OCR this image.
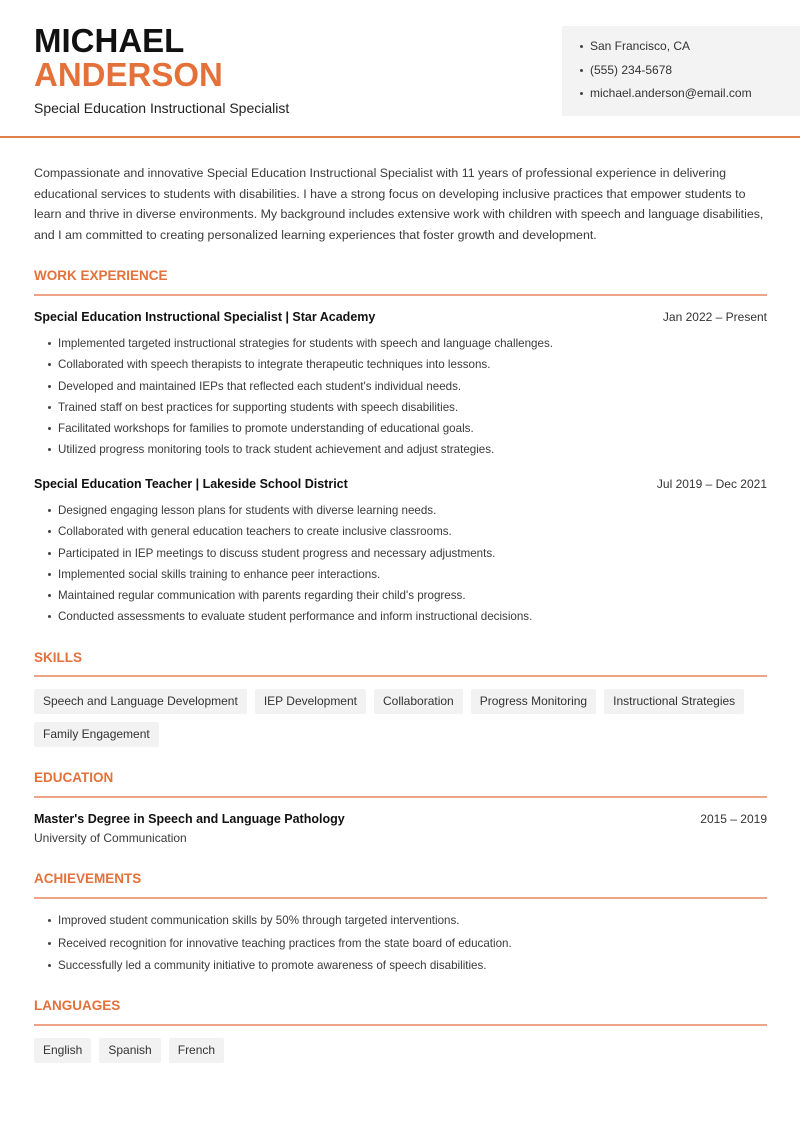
MICHAEL
ANDERSON
Special Education Instructional Specialist
San Francisco, CA
(555) 234-5678
michael.anderson@email.com

Compassionate and innovative Special Education Instructional Specialist with 11 years of professional experience in delivering educational services to students with disabilities. I have a strong focus on developing inclusive practices that empower students to learn and thrive in diverse environments. My background includes extensive work with children with speech and language disabilities, and I am committed to creating personalized learning experiences that foster growth and development.

WORK EXPERIENCE
Special Education Instructional Specialist | Star Academy	Jan 2022 – Present
Implemented targeted instructional strategies for students with speech and language challenges.
Collaborated with speech therapists to integrate therapeutic techniques into lessons.
Developed and maintained IEPs that reflected each student's individual needs.
Trained staff on best practices for supporting students with speech disabilities.
Facilitated workshops for families to promote understanding of educational goals.
Utilized progress monitoring tools to track student achievement and adjust strategies.
Special Education Teacher | Lakeside School District	Jul 2019 – Dec 2021
Designed engaging lesson plans for students with diverse learning needs.
Collaborated with general education teachers to create inclusive classrooms.
Participated in IEP meetings to discuss student progress and necessary adjustments.
Implemented social skills training to enhance peer interactions.
Maintained regular communication with parents regarding their child's progress.
Conducted assessments to evaluate student performance and inform instructional decisions.
SKILLS
Speech and Language Development	IEP Development	Collaboration	Progress Monitoring	Instructional Strategies
Family Engagement
EDUCATION
Master's Degree in Speech and Language Pathology	2015 – 2019
University of Communication
ACHIEVEMENTS
Improved student communication skills by 50% through targeted interventions.
Received recognition for innovative teaching practices from the state board of education.
Successfully led a community initiative to promote awareness of speech disabilities.
LANGUAGES
English	Spanish	French
